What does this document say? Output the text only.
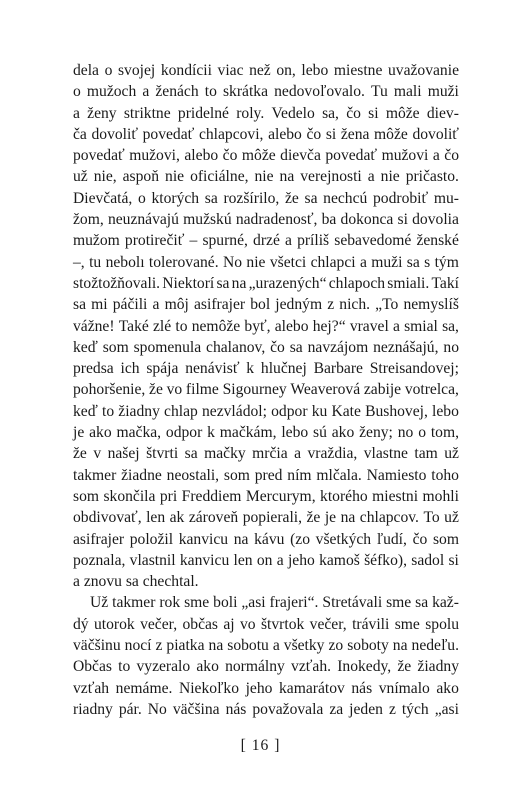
dela o svojej kondícii viac než on, lebo miestne uvažovanie
o mužoch a ženách to skrátka nedovoľovalo. Tu mali muži
a ženy striktne pridelné roly. Vedelo sa, čo si môže diev-
ča dovoliť povedať chlapcovi, alebo čo si žena môže dovoliť
povedať mužovi, alebo čo môže dievča povedať mužovi a čo
už nie, aspoň nie oficiálne, nie na verejnosti a nie pričasto.
Dievčatá, o ktorých sa rozšírilo, že sa nechcú podrobiť mu-
žom, neuznávajú mužskú nadradenosť, ba dokonca si dovolia
mužom protirečiť – spurné, drzé a príliš sebavedomé ženské
–, tu nebolı tolerované. No nie všetci chlapci a muži sa s tým
stožtožňovali. Niektorí sa na „urazených“ chlapoch smiali. Takí
sa mi páčili a môj asifrajer bol jedným z nich. „To nemyslíš
vážne! Také zlé to nemôže byť, alebo hej?“ vravel a smial sa,
keď som spomenula chalanov, čo sa navzájom neznášajú, no
predsa ich spája nenávisť k hlučnej Barbare Streisandovej;
pohoršenie, že vo filme Sigourney Weaverová zabije votrelca,
keď to žiadny chlap nezvládol; odpor ku Kate Bushovej, lebo
je ako mačka, odpor k mačkám, lebo sú ako ženy; no o tom,
že v našej štvrti sa mačky mrčia a vraždia, vlastne tam už
takmer žiadne neostali, som pred ním mlčala. Namiesto toho
som skončila pri Freddiem Mercurym, ktorého miestni mohli
obdivovať, len ak zároveň popierali, že je na chlapcov. To už
asifrajer položil kanvicu na kávu (zo všetkých ľudí, čo som
poznala, vlastnil kanvicu len on a jeho kamoš šéfko), sadol si
a znovu sa chechtal.
Už takmer rok sme boli „asi frajeri“. Stretávali sme sa kaž-
dý utorok večer, občas aj vo štvrtok večer, trávili sme spolu
väčšinu nocí z piatka na sobotu a všetky zo soboty na nedeľu.
Občas to vyzeralo ako normálny vzťah. Inokedy, že žiadny
vzťah nemáme. Niekoľko jeho kamarátov nás vnímalo ako
riadny pár. No väčšina nás považovala za jeden z tých „asi
[ 16 ]
